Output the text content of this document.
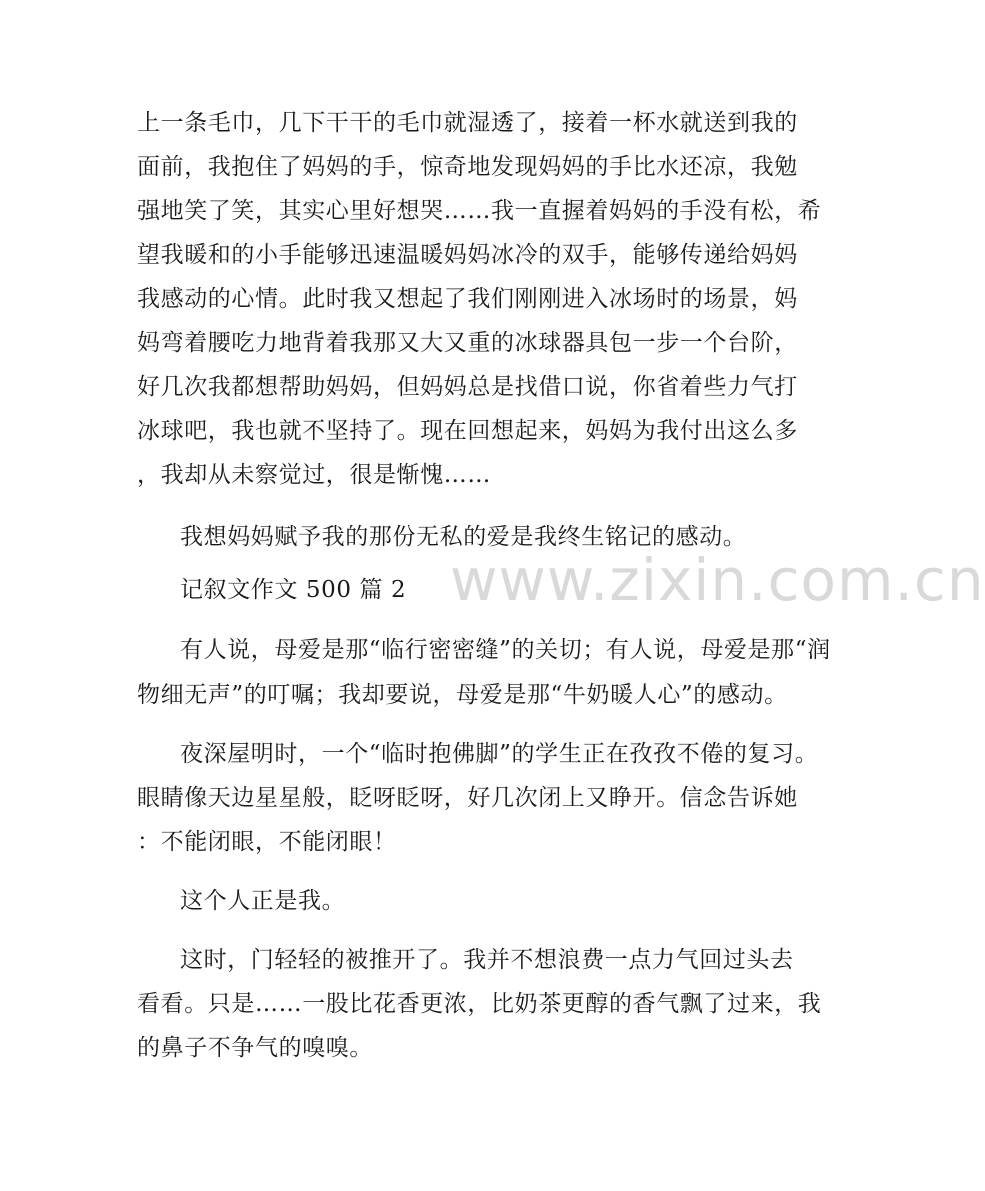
上一条毛巾，几下干干的毛巾就湿透了，接着一杯水就送到我的
面前，我抱住了妈妈的手，惊奇地发现妈妈的手比水还凉，我勉
强地笑了笑，其实心里好想哭……我一直握着妈妈的手没有松，希
望我暖和的小手能够迅速温暖妈妈冰冷的双手，能够传递给妈妈
我感动的心情。此时我又想起了我们刚刚进入冰场时的场景，妈
妈弯着腰吃力地背着我那又大又重的冰球器具包一步一个台阶，
好几次我都想帮助妈妈，但妈妈总是找借口说，你省着些力气打
冰球吧，我也就不坚持了。现在回想起来，妈妈为我付出这么多
，我却从未察觉过，很是惭愧……
我想妈妈赋予我的那份无私的爱是我终生铭记的感动。
记叙文作文 500 篇 2
有人说，母爱是那“临行密密缝”的关切；有人说，母爱是那“润
物细无声”的叮嘱；我却要说，母爱是那“牛奶暖人心”的感动。
夜深屋明时，一个“临时抱佛脚”的学生正在孜孜不倦的复习。
眼睛像天边星星般，眨呀眨呀，好几次闭上又睁开。信念告诉她
：不能闭眼，不能闭眼！
这个人正是我。
这时，门轻轻的被推开了。我并不想浪费一点力气回过头去
看看。只是……一股比花香更浓，比奶茶更醇的香气飘了过来，我
的鼻子不争气的嗅嗅。
www.zixin.com.cn
